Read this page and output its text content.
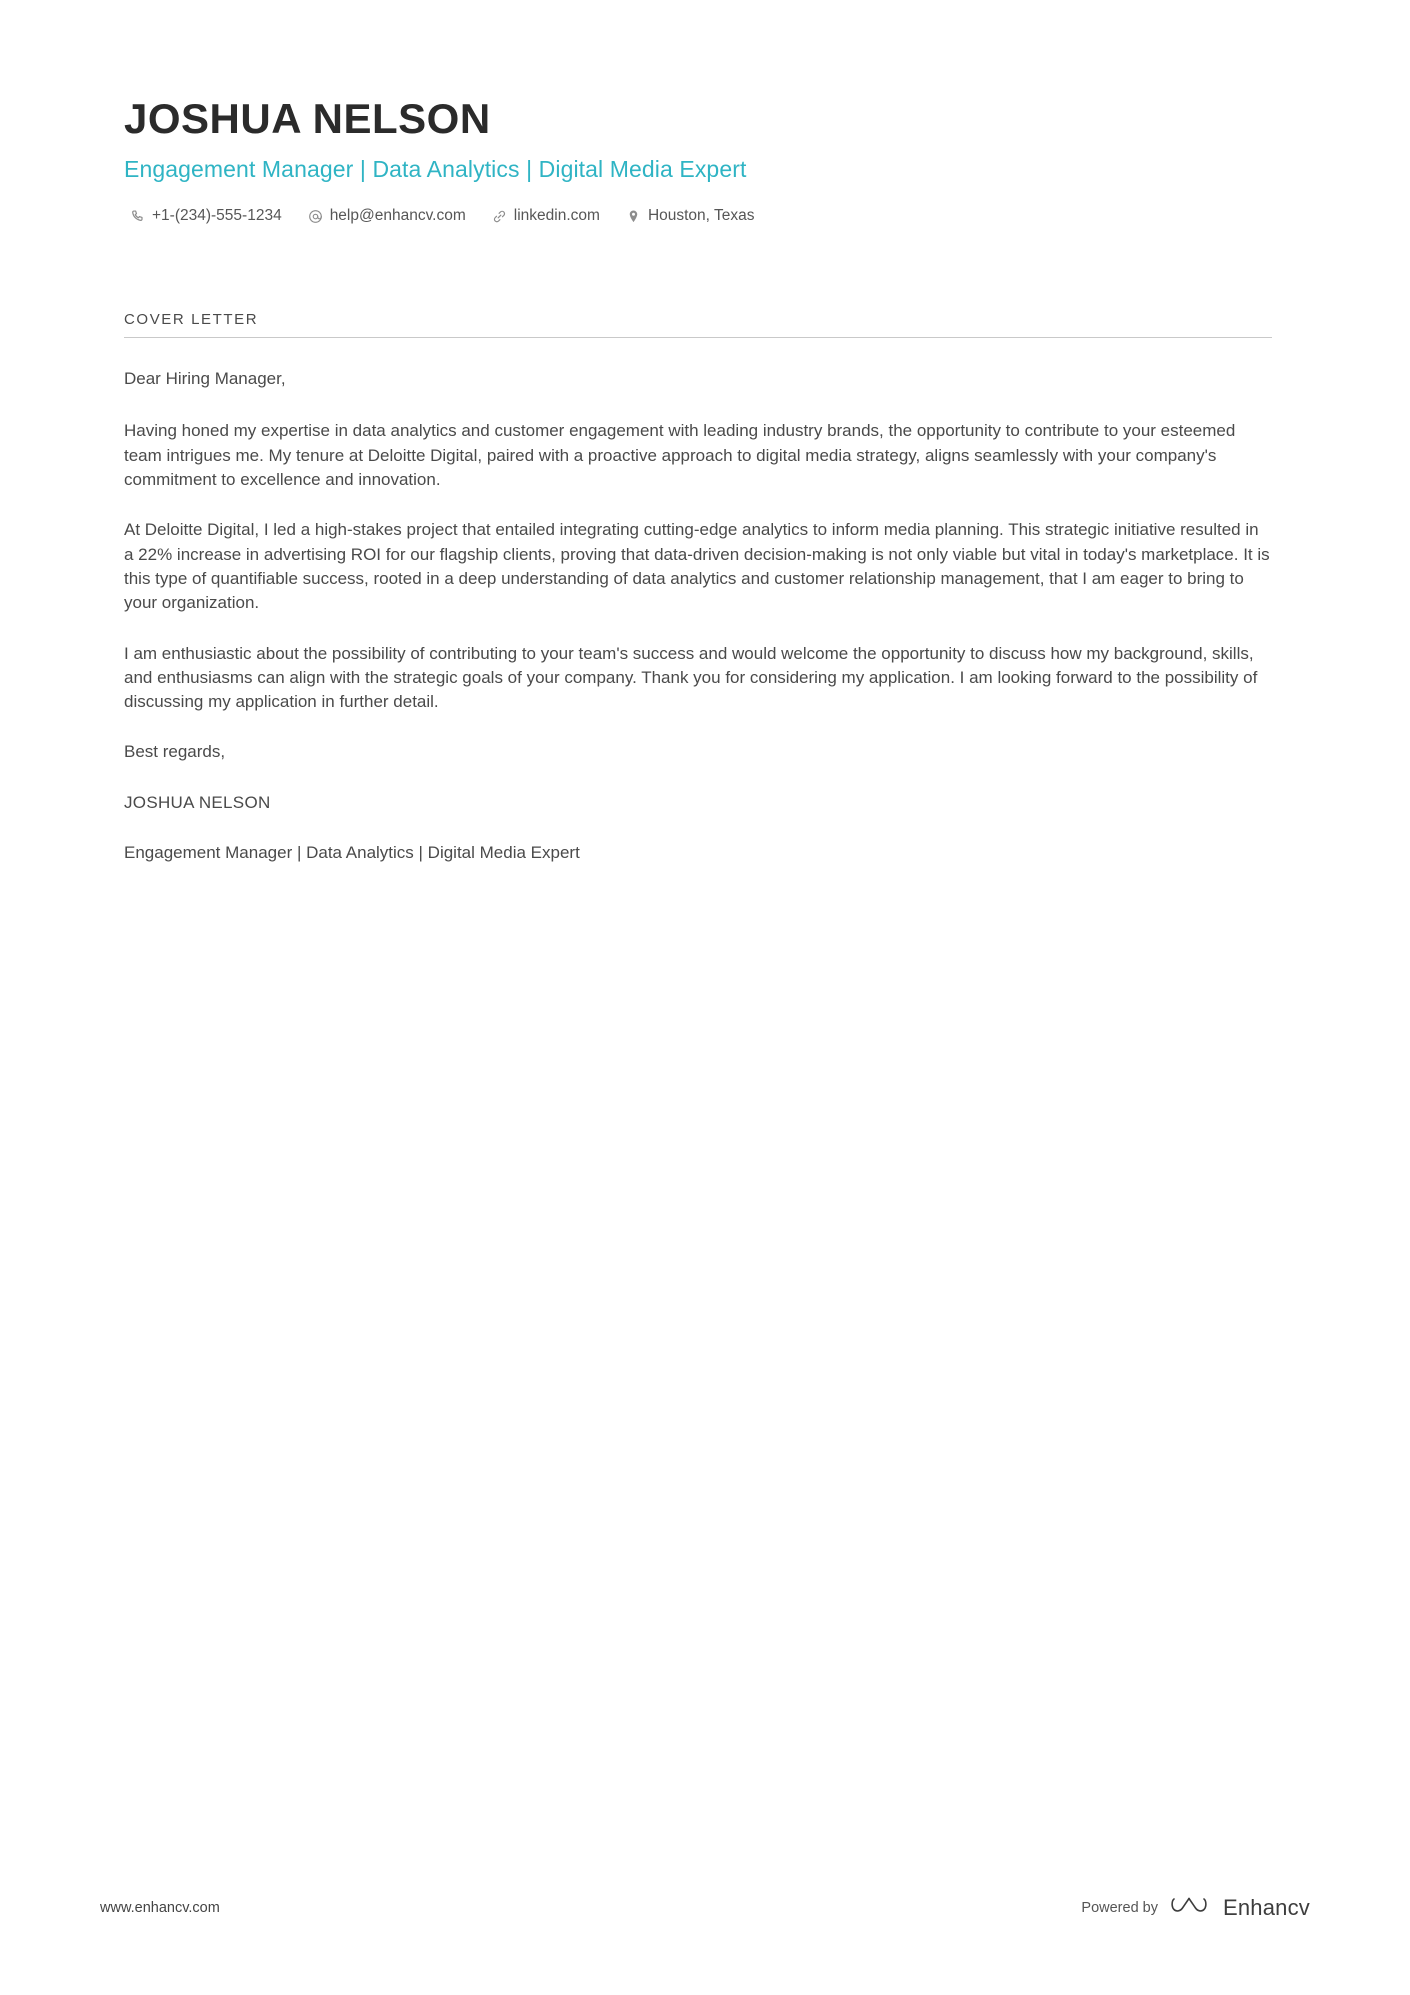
JOSHUA NELSON
Engagement Manager | Data Analytics | Digital Media Expert
+1-(234)-555-1234	help@enhancv.com	linkedin.com	Houston, Texas
COVER LETTER

Dear Hiring Manager,

Having honed my expertise in data analytics and customer engagement with leading industry brands, the opportunity to contribute to your esteemed team intrigues me. My tenure at Deloitte Digital, paired with a proactive approach to digital media strategy, aligns seamlessly with your company's commitment to excellence and innovation.

At Deloitte Digital, I led a high-stakes project that entailed integrating cutting-edge analytics to inform media planning. This strategic initiative resulted in a 22% increase in advertising ROI for our flagship clients, proving that data-driven decision-making is not only viable but vital in today's marketplace. It is this type of quantifiable success, rooted in a deep understanding of data analytics and customer relationship management, that I am eager to bring to your organization.

I am enthusiastic about the possibility of contributing to your team's success and would welcome the opportunity to discuss how my background, skills, and enthusiasms can align with the strategic goals of your company. Thank you for considering my application. I am looking forward to the possibility of discussing my application in further detail.

Best regards,

JOSHUA NELSON

Engagement Manager | Data Analytics | Digital Media Expert

www.enhancv.com	Powered by	Enhancv
